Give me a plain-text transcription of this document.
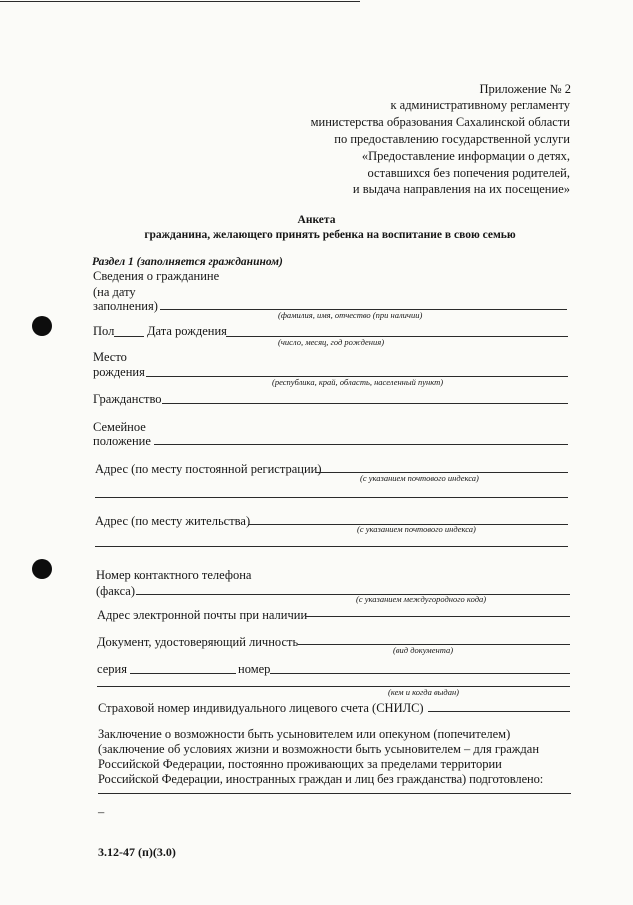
Приложение № 2
к административному регламенту
министерства образования Сахалинской области
по предоставлению государственной услуги
«Предоставление информации о детях,
оставшихся без попечения родителей,
и выдача направления на их посещение»
Анкета
гражданина, желающего принять ребенка на воспитание в свою семью
Раздел 1 (заполняется гражданином)
Сведения о гражданине
(на дату
заполнения)
(фамилия, имя, отчество (при наличии)
Пол	Дата рождения
(число, месяц, год рождения)
Место
рождения
(республика, край, область, населенный пункт)
Гражданство
Семейное
положение
Адрес (по месту постоянной регистрации)
(с указанием почтового индекса)
Адрес (по месту жительства)
(с указанием почтового индекса)
Номер контактного телефона
(факса)
(с указанием междугородного кода)
Адрес электронной почты при наличии
Документ, удостоверяющий личность
(вид документа)
серия	номер
(кем и когда выдан)
Страховой номер индивидуального лицевого счета (СНИЛС)
Заключение о возможности быть усыновителем или опекуном (попечителем)
(заключение об условиях жизни и возможности быть усыновителем – для граждан
Российской Федерации, постоянно проживающих за пределами территории
Российской Федерации, иностранных граждан и лиц без гражданства) подготовлено:
–
3.12-47 (п)(3.0)
